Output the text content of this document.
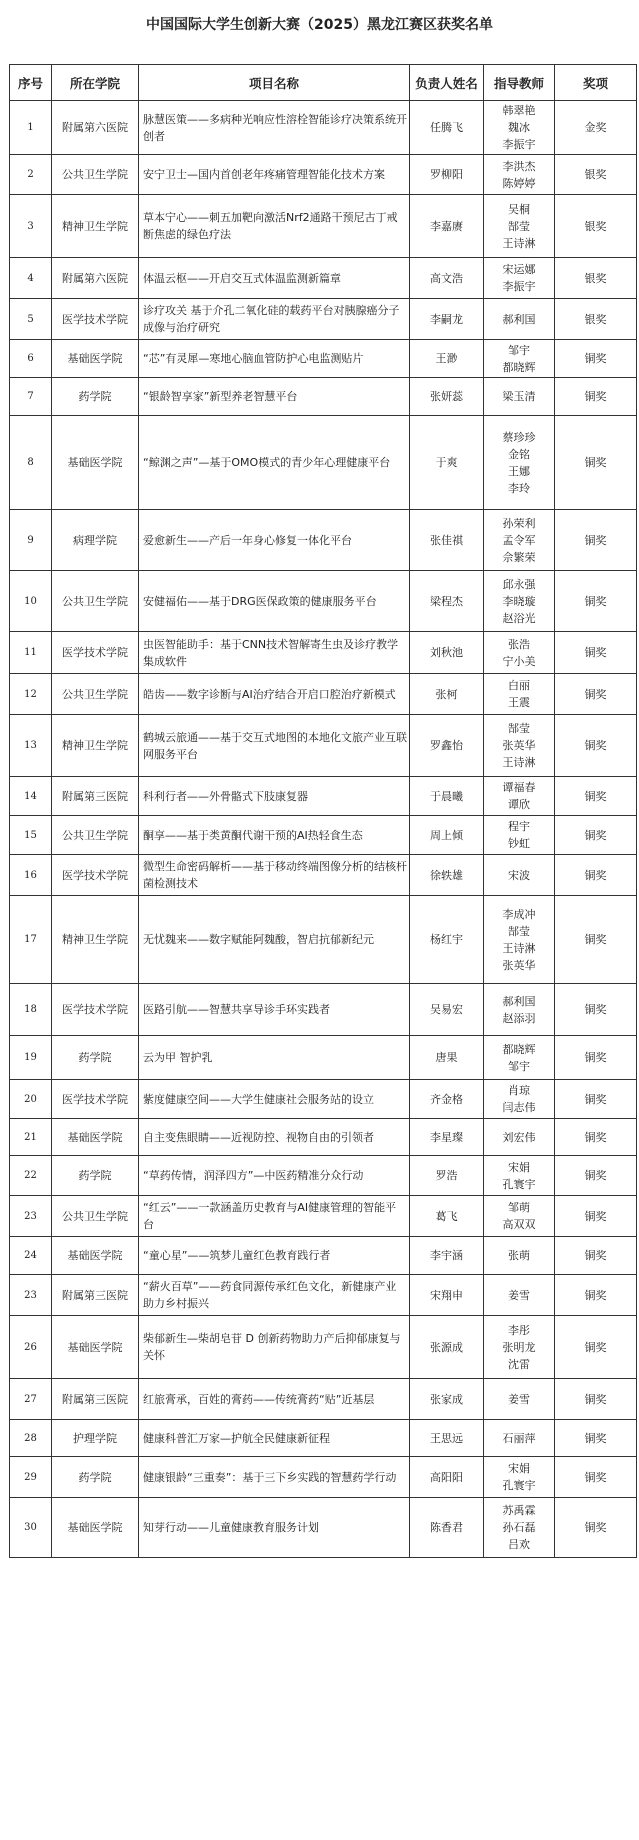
中国国际大学生创新大赛（2025）黑龙江赛区获奖名单
序号	所在学院	项目名称	负责人姓名	指导教师	奖项
1	附属第六医院	脉慧医策——多病种光响应性溶栓智能诊疗决策系统开创者	任腾飞	韩翠艳
魏冰
李振宇	金奖
2	公共卫生学院	安宁卫士—国内首创老年疼痛管理智能化技术方案	罗柳阳	李洪杰
陈婷婷	银奖
3	精神卫生学院	草本宁心——刺五加靶向激活Nrf2通路干预尼古丁戒断焦虑的绿色疗法	李嘉赓	吴桐
郜莹
王诗淋	银奖
4	附属第六医院	体温云枢——开启交互式体温监测新篇章	高文浩	宋运娜
李振宇	银奖
5	医学技术学院	诊疗攻关 基于介孔二氧化硅的载药平台对胰腺癌分子成像与治疗研究	李嗣龙	郝利国	银奖
6	基础医学院	“芯”有灵犀—寒地心脑血管防护心电监测贴片	王渺	邹宇
都晓辉	铜奖
7	药学院	“银龄智享家”新型养老智慧平台	张妍蕊	梁玉清	铜奖
8	基础医学院	“鲸渊之声”—基于OMO模式的青少年心理健康平台	于爽	蔡珍珍
金铭
王娜
李玲	铜奖
9	病理学院	爱愈新生——产后一年身心修复一体化平台	张佳祺	孙荣利
孟令军
佘繁荣	铜奖
10	公共卫生学院	安健福佑——基于DRG医保政策的健康服务平台	梁程杰	邱永强
李晓璇
赵浴光	铜奖
11	医学技术学院	虫医智能助手：基于CNN技术智解寄生虫及诊疗教学集成软件	刘秋池	张浩
宁小美	铜奖
12	公共卫生学院	皓齿——数字诊断与AI治疗结合开启口腔治疗新模式	张柯	白丽
王震	铜奖
13	精神卫生学院	鹤城云旅通——基于交互式地图的本地化文旅产业互联网服务平台	罗鑫怡	郜莹
张英华
王诗淋	铜奖
14	附属第三医院	科利行者——外骨骼式下肢康复器	于晨曦	谭福春
谭欣	铜奖
15	公共卫生学院	酮享——基于类黄酮代谢干预的AI热轻食生态	周上倾	程宇
钞虹	铜奖
16	医学技术学院	微型生命密码解析——基于移动终端图像分析的结核杆菌检测技术	徐轶雄	宋波	铜奖
17	精神卫生学院	无忧魏来——数字赋能阿魏酸，智启抗郁新纪元	杨红宇	李成冲
郜莹
王诗淋
张英华	铜奖
18	医学技术学院	医路引航——智慧共享导诊手环实践者	吴易宏	郝利国
赵添羽	铜奖
19	药学院	云为甲 智护乳	唐果	都晓辉
邹宇	铜奖
20	医学技术学院	紫度健康空间——大学生健康社会服务站的设立	齐金格	肖琼
闫志伟	铜奖
21	基础医学院	自主变焦眼睛——近视防控、视物自由的引领者	李星璨	刘宏伟	铜奖
22	药学院	“草药传情，润泽四方”—中医药精准分众行动	罗浩	宋娟
孔寰宇	铜奖
23	公共卫生学院	“红云”——一款涵盖历史教育与AI健康管理的智能平台	葛飞	邹萌
高双双	铜奖
24	基础医学院	“童心星”——筑梦儿童红色教育践行者	李宇涵	张萌	铜奖
23	附属第三医院	“薪火百草”——药食同源传承红色文化，新健康产业助力乡村振兴	宋翔申	姜雪	铜奖
26	基础医学院	柴郁新生—柴胡皂苷 D 创新药物助力产后抑郁康复与关怀	张源成	李彤
张明龙
沈雷	铜奖
27	附属第三医院	红旅膏承，百姓的膏药——传统膏药“贴”近基层	张家成	姜雪	铜奖
28	护理学院	健康科普汇万家—护航全民健康新征程	王思远	石丽萍	铜奖
29	药学院	健康银龄“三重奏”：基于三下乡实践的智慧药学行动	高阳阳	宋娟
孔寰宇	铜奖
30	基础医学院	知芽行动——儿童健康教育服务计划	陈香君	苏禹霖
孙石磊
吕欢	铜奖
